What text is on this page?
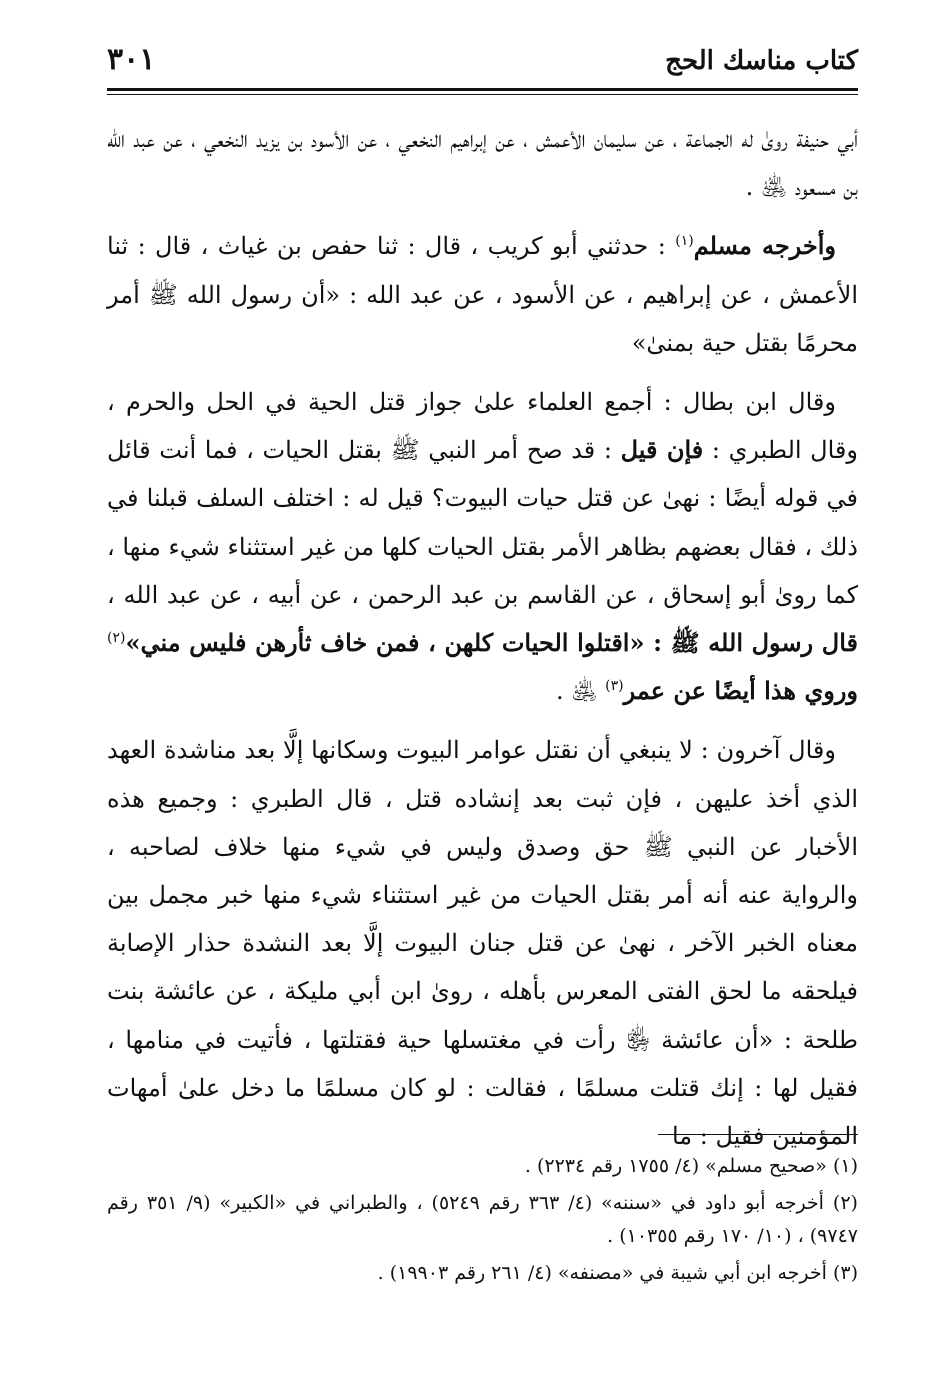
كتاب مناسك الحج
٣٠١

أبي حنيفة روىٰ له الجماعة ، عن سليمان الأعمش ، عن إبراهيم النخعي ، عن الأسود بن يزيد النخعي ، عن عبد الله بن مسعود ﵁ .

وأخرجه مسلم$^{(١)}$ : حدثني أبو كريب ، قال : ثنا حفص بن غياث ، قال : ثنا الأعمش ، عن إبراهيم ، عن الأسود ، عن عبد الله : «أن رسول الله ﷺ أمر محرمًا بقتل حية بمنىٰ»

وقال ابن بطال : أجمع العلماء علىٰ جواز قتل الحية في الحل والحرم ، وقال الطبري : فإن قيل : قد صح أمر النبي ﷺ بقتل الحيات ، فما أنت قائل في قوله أيضًا : نهىٰ عن قتل حيات البيوت؟ قيل له : اختلف السلف قبلنا في ذلك ، فقال بعضهم بظاهر الأمر بقتل الحيات كلها من غير استثناء شيء منها ، كما روىٰ أبو إسحاق ، عن القاسم بن عبد الرحمن ، عن أبيه ، عن عبد الله ، قال رسول الله ﷺ : «اقتلوا الحيات كلهن ، فمن خاف ثأرهن فليس مني»$^{(٢)}$ وروي هذا أيضًا عن عمر$^{(٣)}$ ﵁ .

وقال آخرون : لا ينبغي أن نقتل عوامر البيوت وسكانها إلَّا بعد مناشدة العهد الذي أخذ عليهن ، فإن ثبت بعد إنشاده قتل ، قال الطبري : وجميع هذه الأخبار عن النبي ﷺ حق وصدق وليس في شيء منها خلاف لصاحبه ، والرواية عنه أنه أمر بقتل الحيات من غير استثناء شيء منها خبر مجمل بين معناه الخبر الآخر ، نهىٰ عن قتل جنان البيوت إلَّا بعد النشدة حذار الإصابة فيلحقه ما لحق الفتى المعرس بأهله ، روىٰ ابن أبي مليكة ، عن عائشة بنت طلحة : «أن عائشة ﵂ رأت في مغتسلها حية فقتلتها ، فأتيت في منامها ، فقيل لها : إنك قتلت مسلمًا ، فقالت : لو كان مسلمًا ما دخل علىٰ أمهات المؤمنين فقيل : ما

(١) «صحيح مسلم» (٤/ ١٧٥٥ رقم ٢٢٣٤) .

(٢) أخرجه أبو داود في «سننه» (٤/ ٣٦٣ رقم ٥٢٤٩) ، والطبراني في «الكبير» (٩/ ٣٥١ رقم ٩٧٤٧) ، (١٠/ ١٧٠ رقم ١٠٣٥٥) .

(٣) أخرجه ابن أبي شيبة في «مصنفه» (٤/ ٢٦١ رقم ١٩٩٠٣) .
